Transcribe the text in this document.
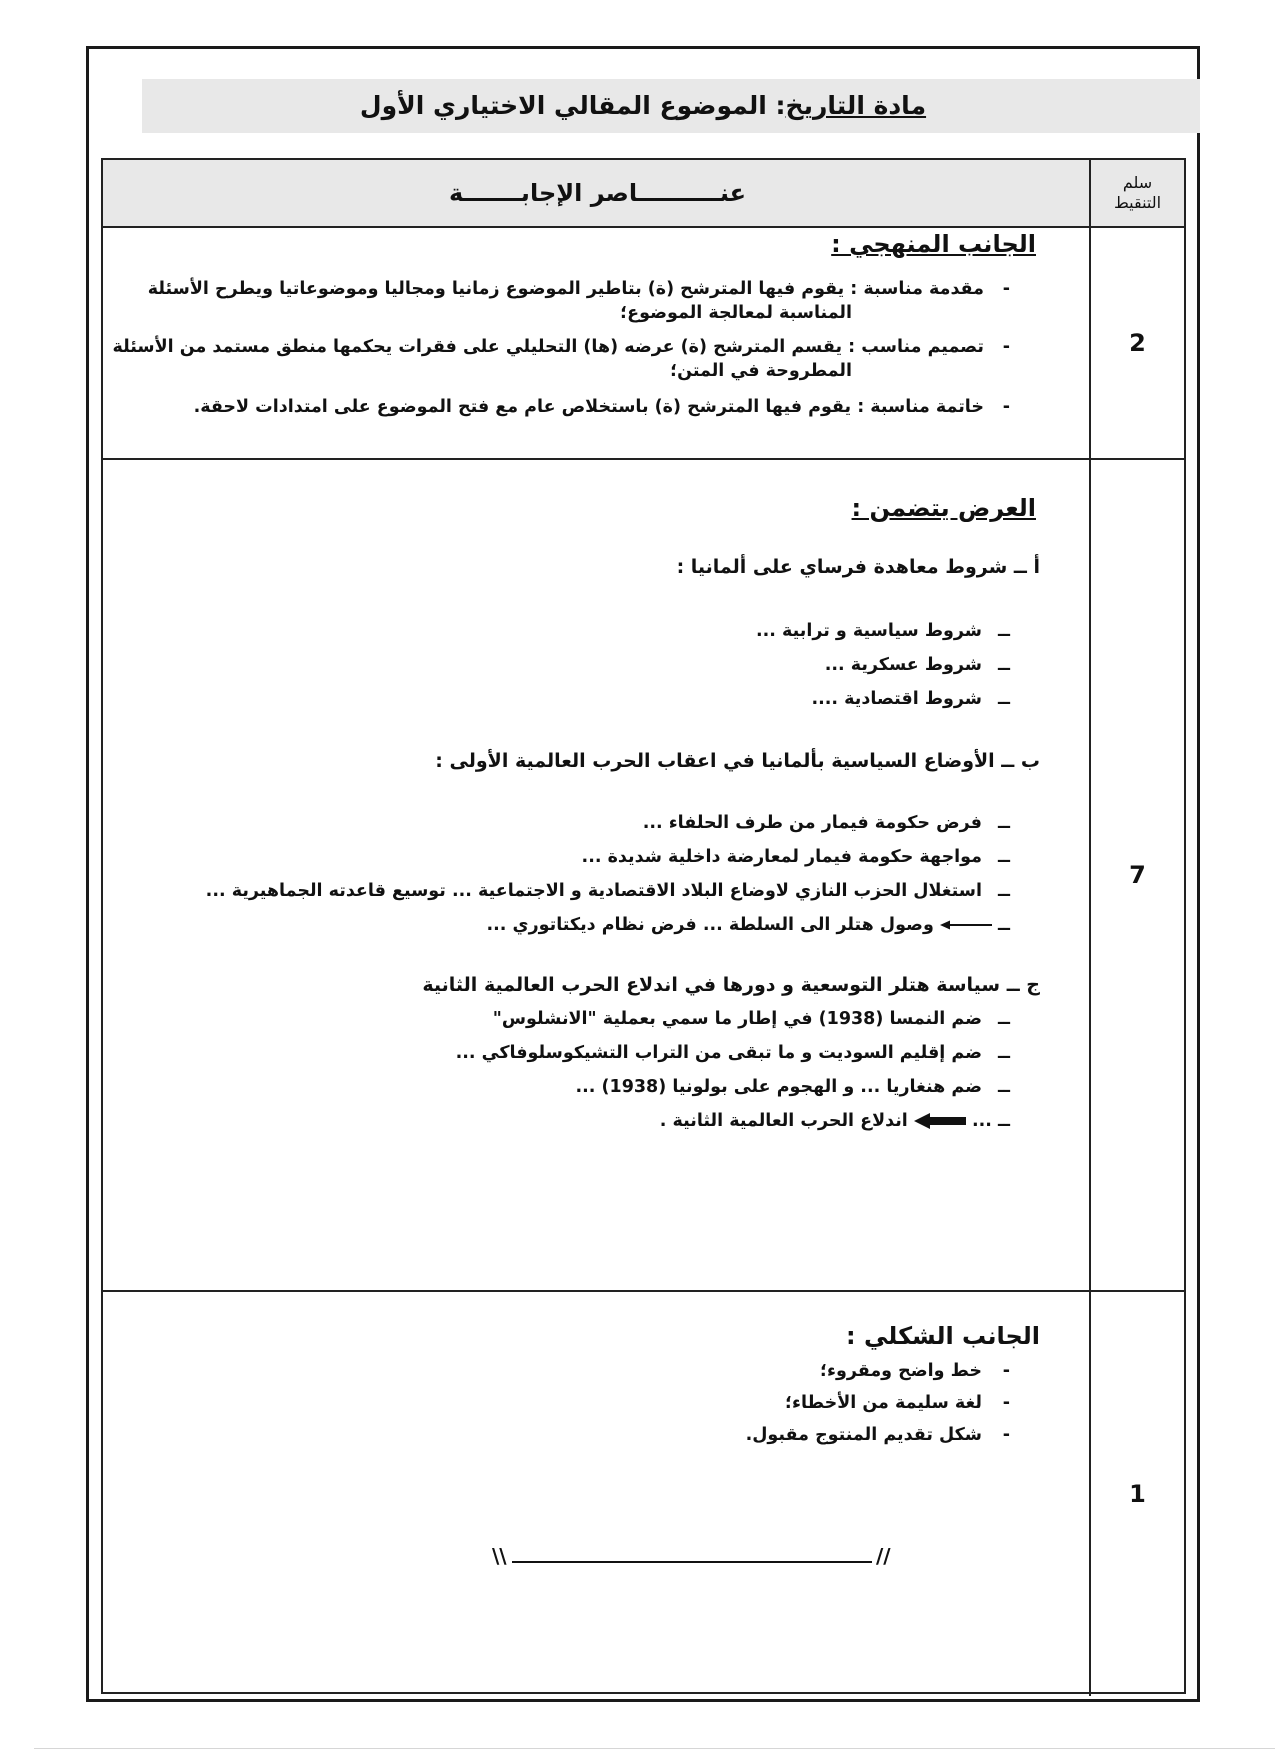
مادة التاريخ: الموضوع المقالي الاختياري الأول
عنــــــــــاصر الإجابـــــــة	سلم
التنقيط
الجانب المنهجي :
-
مقدمة مناسبة : يقوم فيها المترشح (ة) بتاطير الموضوع زمانيا ومجاليا وموضوعاتيا ويطرح الأسئلة
المناسبة لمعالجة الموضوع؛
-
تصميم مناسب : يقسم المترشح (ة) عرضه (ها) التحليلي على فقرات يحكمها منطق مستمد من الأسئلة
المطروحة في المتن؛
-
خاتمة مناسبة : يقوم فيها المترشح (ة) باستخلاص عام مع فتح الموضوع على امتدادات لاحقة.
2
العرض يتضمن :
أ ــ شروط معاهدة فرساي على ألمانيا :
ــ
شروط سياسية و ترابية ...
ــ
شروط عسكرية ...
ــ
شروط اقتصادية ....
ب ــ الأوضاع السياسية بألمانيا في اعقاب الحرب العالمية الأولى :
ــ
فرض حكومة فيمار من طرف الحلفاء ...
ــ
مواجهة حكومة فيمار لمعارضة داخلية شديدة ...
ــ
استغلال الحزب النازي لاوضاع البلاد الاقتصادية و الاجتماعية ... توسيع قاعدته الجماهيرية ...
ــ  وصول هتلر الى السلطة ... فرض نظام ديكتاتوري ...
ج ــ سياسة هتلر التوسعية و دورها في اندلاع الحرب العالمية الثانية
ــ
ضم النمسا (1938) في إطار ما سمي بعملية "الانشلوس"
ــ
ضم إقليم السوديت و ما تبقى من التراب التشيكوسلوفاكي ...
ــ
ضم هنغاريا ... و الهجوم على بولونيا (1938) ...
ــ ...  اندلاع الحرب العالمية الثانية .
7
الجانب الشكلي :
-
خط واضح ومقروء؛
-
لغة سليمة من الأخطاء؛
-
شكل تقديم المنتوج مقبول.
1
\\	//
